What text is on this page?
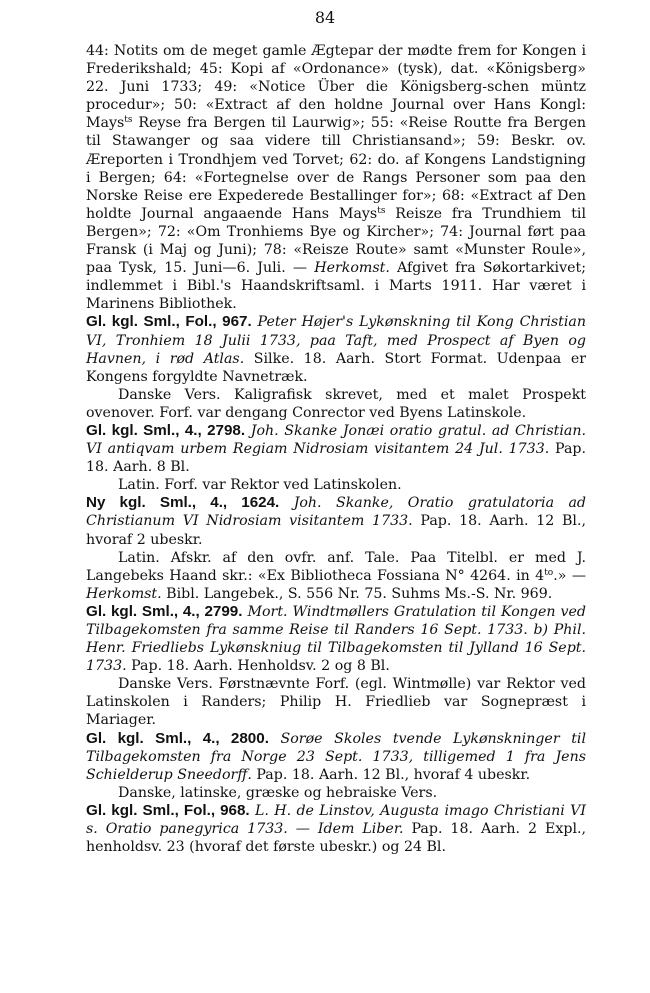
84

44: Notits om de meget gamle Ægtepar der mødte frem for Kongen i Frederikshald; 45: Kopi af «Ordonance» (tysk), dat. «Königsberg» 22. Juni 1733; 49: «Notice Über die Königsberg-schen müntz procedur»; 50: «Extract af den holdne Journal over Hans Kongl: Mays$^{ts}$ Reyse fra Bergen til Laurwig»; 55: «Reise Routte fra Bergen til Stawanger og saa videre till Christiansand»; 59: Beskr. ov. Æreporten i Trondhjem ved Torvet; 62: do. af Kongens Landstigning i Bergen; 64: «Fortegnelse over de Rangs Personer som paa den Norske Reise ere Expederede Bestallinger for»; 68: «Extract af Den holdte Journal angaaende Hans Mays$^{ts}$ Reisze fra Trundhiem til Bergen»; 72: «Om Tronhiems Bye og Kircher»; 74: Journal ført paa Fransk (i Maj og Juni); 78: «Reisze Route» samt «Munster Roule», paa Tysk, 15. Juni—6. Juli. — Herkomst. Afgivet fra Søkortarkivet; indlemmet i Bibl.'s Haandskriftsaml. i Marts 1911. Har været i Marinens Bibliothek.

Gl. kgl. Sml., Fol., 967. Peter Højer's Lykønskning til Kong Christian VI, Tronhiem 18 Julii 1733, paa Taft, med Prospect af Byen og Havnen, i rød Atlas. Silke. 18. Aarh. Stort Format. Udenpaa er Kongens forgyldte Navnetræk.

Danske Vers. Kaligrafisk skrevet, med et malet Prospekt ovenover. Forf. var dengang Conrector ved Byens Latinskole.

Gl. kgl. Sml., 4., 2798. Joh. Skanke Jonæi oratio gratul. ad Christian. VI antiqvam urbem Regiam Nidrosiam visitantem 24 Jul. 1733. Pap. 18. Aarh. 8 Bl.

Latin. Forf. var Rektor ved Latinskolen.

Ny kgl. Sml., 4., 1624. Joh. Skanke, Oratio gratulatoria ad Christianum VI Nidrosiam visitantem 1733. Pap. 18. Aarh. 12 Bl., hvoraf 2 ubeskr.

Latin. Afskr. af den ovfr. anf. Tale. Paa Titelbl. er med J. Langebeks Haand skr.: «Ex Bibliotheca Fossiana N° 4264. in $4^{to}$.» — Herkomst. Bibl. Langebek., S. 556 Nr. 75. Suhms Ms.-S. Nr. 969.

Gl. kgl. Sml., 4., 2799. Mort. Windtmøllers Gratulation til Kongen ved Tilbagekomsten fra samme Reise til Randers 16 Sept. 1733. b) Phil. Henr. Friedliebs Lykønskniug til Tilbagekomsten til Jylland 16 Sept. 1733. Pap. 18. Aarh. Henholdsv. 2 og 8 Bl.

Danske Vers. Førstnævnte Forf. (egl. Wintmølle) var Rektor ved Latinskolen i Randers; Philip H. Friedlieb var Sognepræst i Mariager.

Gl. kgl. Sml., 4., 2800. Sorøe Skoles tvende Lykønskninger til Tilbagekomsten fra Norge 23 Sept. 1733, tilligemed 1 fra Jens Schielderup Sneedorff. Pap. 18. Aarh. 12 Bl., hvoraf 4 ubeskr.

Danske, latinske, græske og hebraiske Vers.

Gl. kgl. Sml., Fol., 968. L. H. de Linstov, Augusta imago Christiani VI s. Oratio panegyrica 1733. — Idem Liber. Pap. 18. Aarh. 2 Expl., henholdsv. 23 (hvoraf det første ubeskr.) og 24 Bl.
